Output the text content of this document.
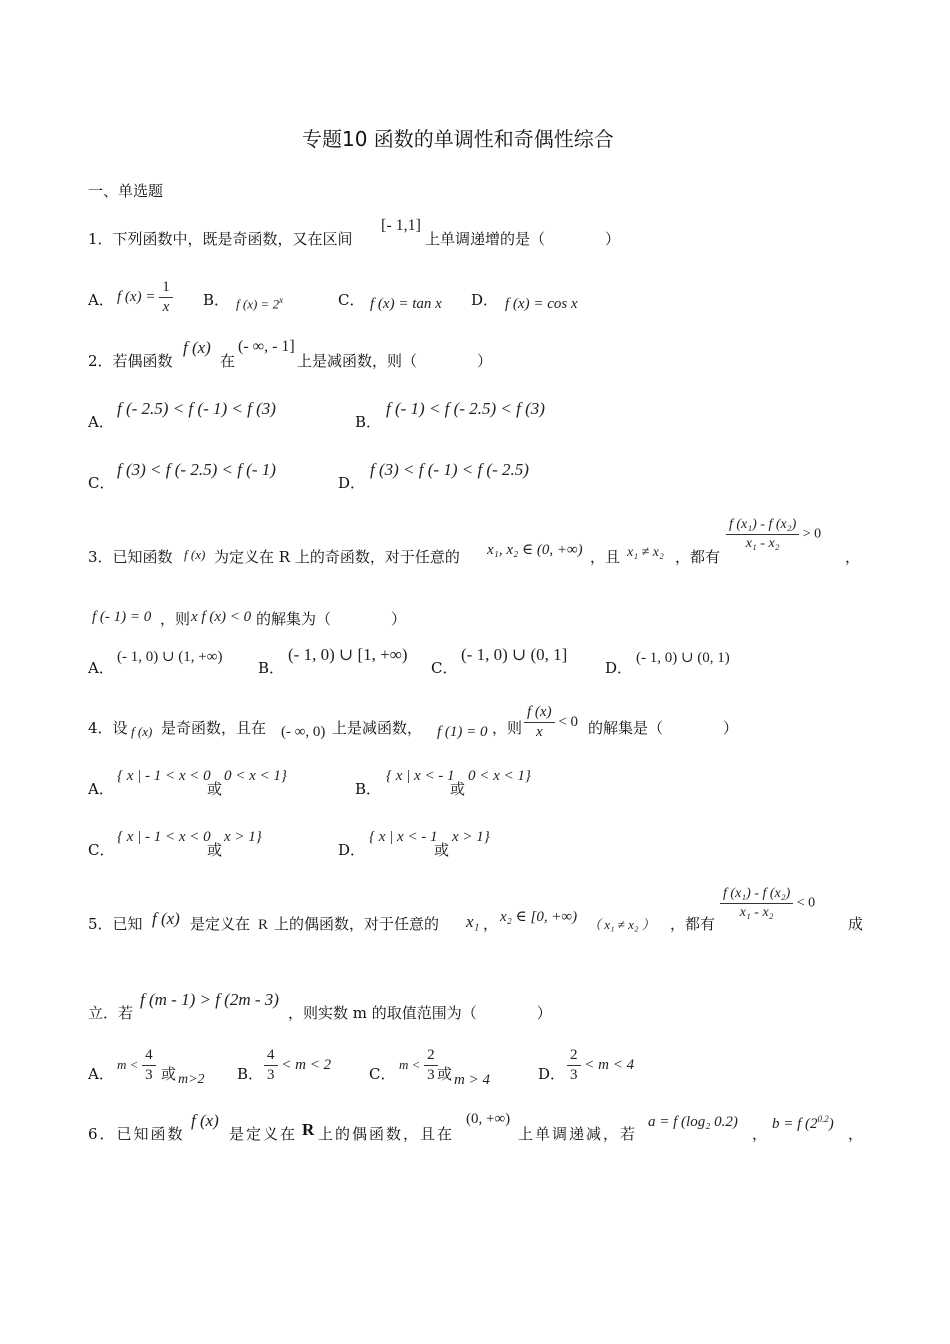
专题10 函数的单调性和奇偶性综合
一、单选题
1．下列函数中，既是奇函数，又在区间
[- 1,1]
上单调递增的是（　　　　）
A． f $(x) = \frac{1}{x}$ B． f $(x) = 2^x$	C． f (x) = tan x D． f (x) = cos x
2．若偶函数
f (x)
在
(- ∞, - 1]
上是减函数，则（　　　　）
A．
f (- 2.5) < f (- 1) < f (3)
B．
f (- 1) < f (- 2.5) < f (3)
C．
f (3) < f (- 2.5) < f (- 1)
D．
f (3) < f (- 1) < f (- 2.5)
3．已知函数 f (x) 为定义在 R 上的奇函数，对于任意的 x₁, x₂ ∈ (0, +∞) ，且 x₁ ≠ x₂ ，都有
$\frac{\text{f (x₁) - f (x₂)}}{\text{x₁ - x₂}} > 0$
，
f (- 1) = 0 ，则 x f (x) < 0 的解集为（　　　　）
A．
(- 1, 0) ∪ (1, +∞)
B．
(- 1, 0) ∪ [1, +∞)
C．
(- 1, 0) ∪ (0, 1]
D．
(- 1, 0) ∪ (0, 1)
4．设 f (x) 是奇函数，且在 (- ∞, 0) 上是减函数， f (1) = 0 ，则 $\frac{f (x)}{x} < 0$ 的解集是（　　　　）
A．
{ x | - 1 < x < 0
或
0 < x < 1}
B．
{ x | x < - 1
或
0 < x < 1}
C．
{ x | - 1 < x < 0
或
x > 1}
D．
{ x | x < - 1
或
x > 1}
5．已知 f (x) 是定义在 R 上的偶函数，对于任意的 x₁ ， x₂ ∈ [0, +∞) （ x₁ ≠ x₂ ） ，都有
$\frac{\text{f (x₁) - f (x₂)}}{\text{x₁ - x₂}} < 0$
成
立．若
f (m - 1) > f (2m - 3)
，则实数 m 的取值范围为（　　　　）
A．
$m < \frac{4}{3}$ 或 m>2 B． $\frac{4}{3} < m < 2$
C．
$m < \frac{2}{3}$ 或 m > 4	D． $\frac{2}{3} < m < 4$
6．已知函数
f (x)
是定义在 R 上的偶函数，且在
(0, +∞)
上单调递减，若
a = f (log₂ 0.2)
，
b = f $(2^{0.2})$
，
